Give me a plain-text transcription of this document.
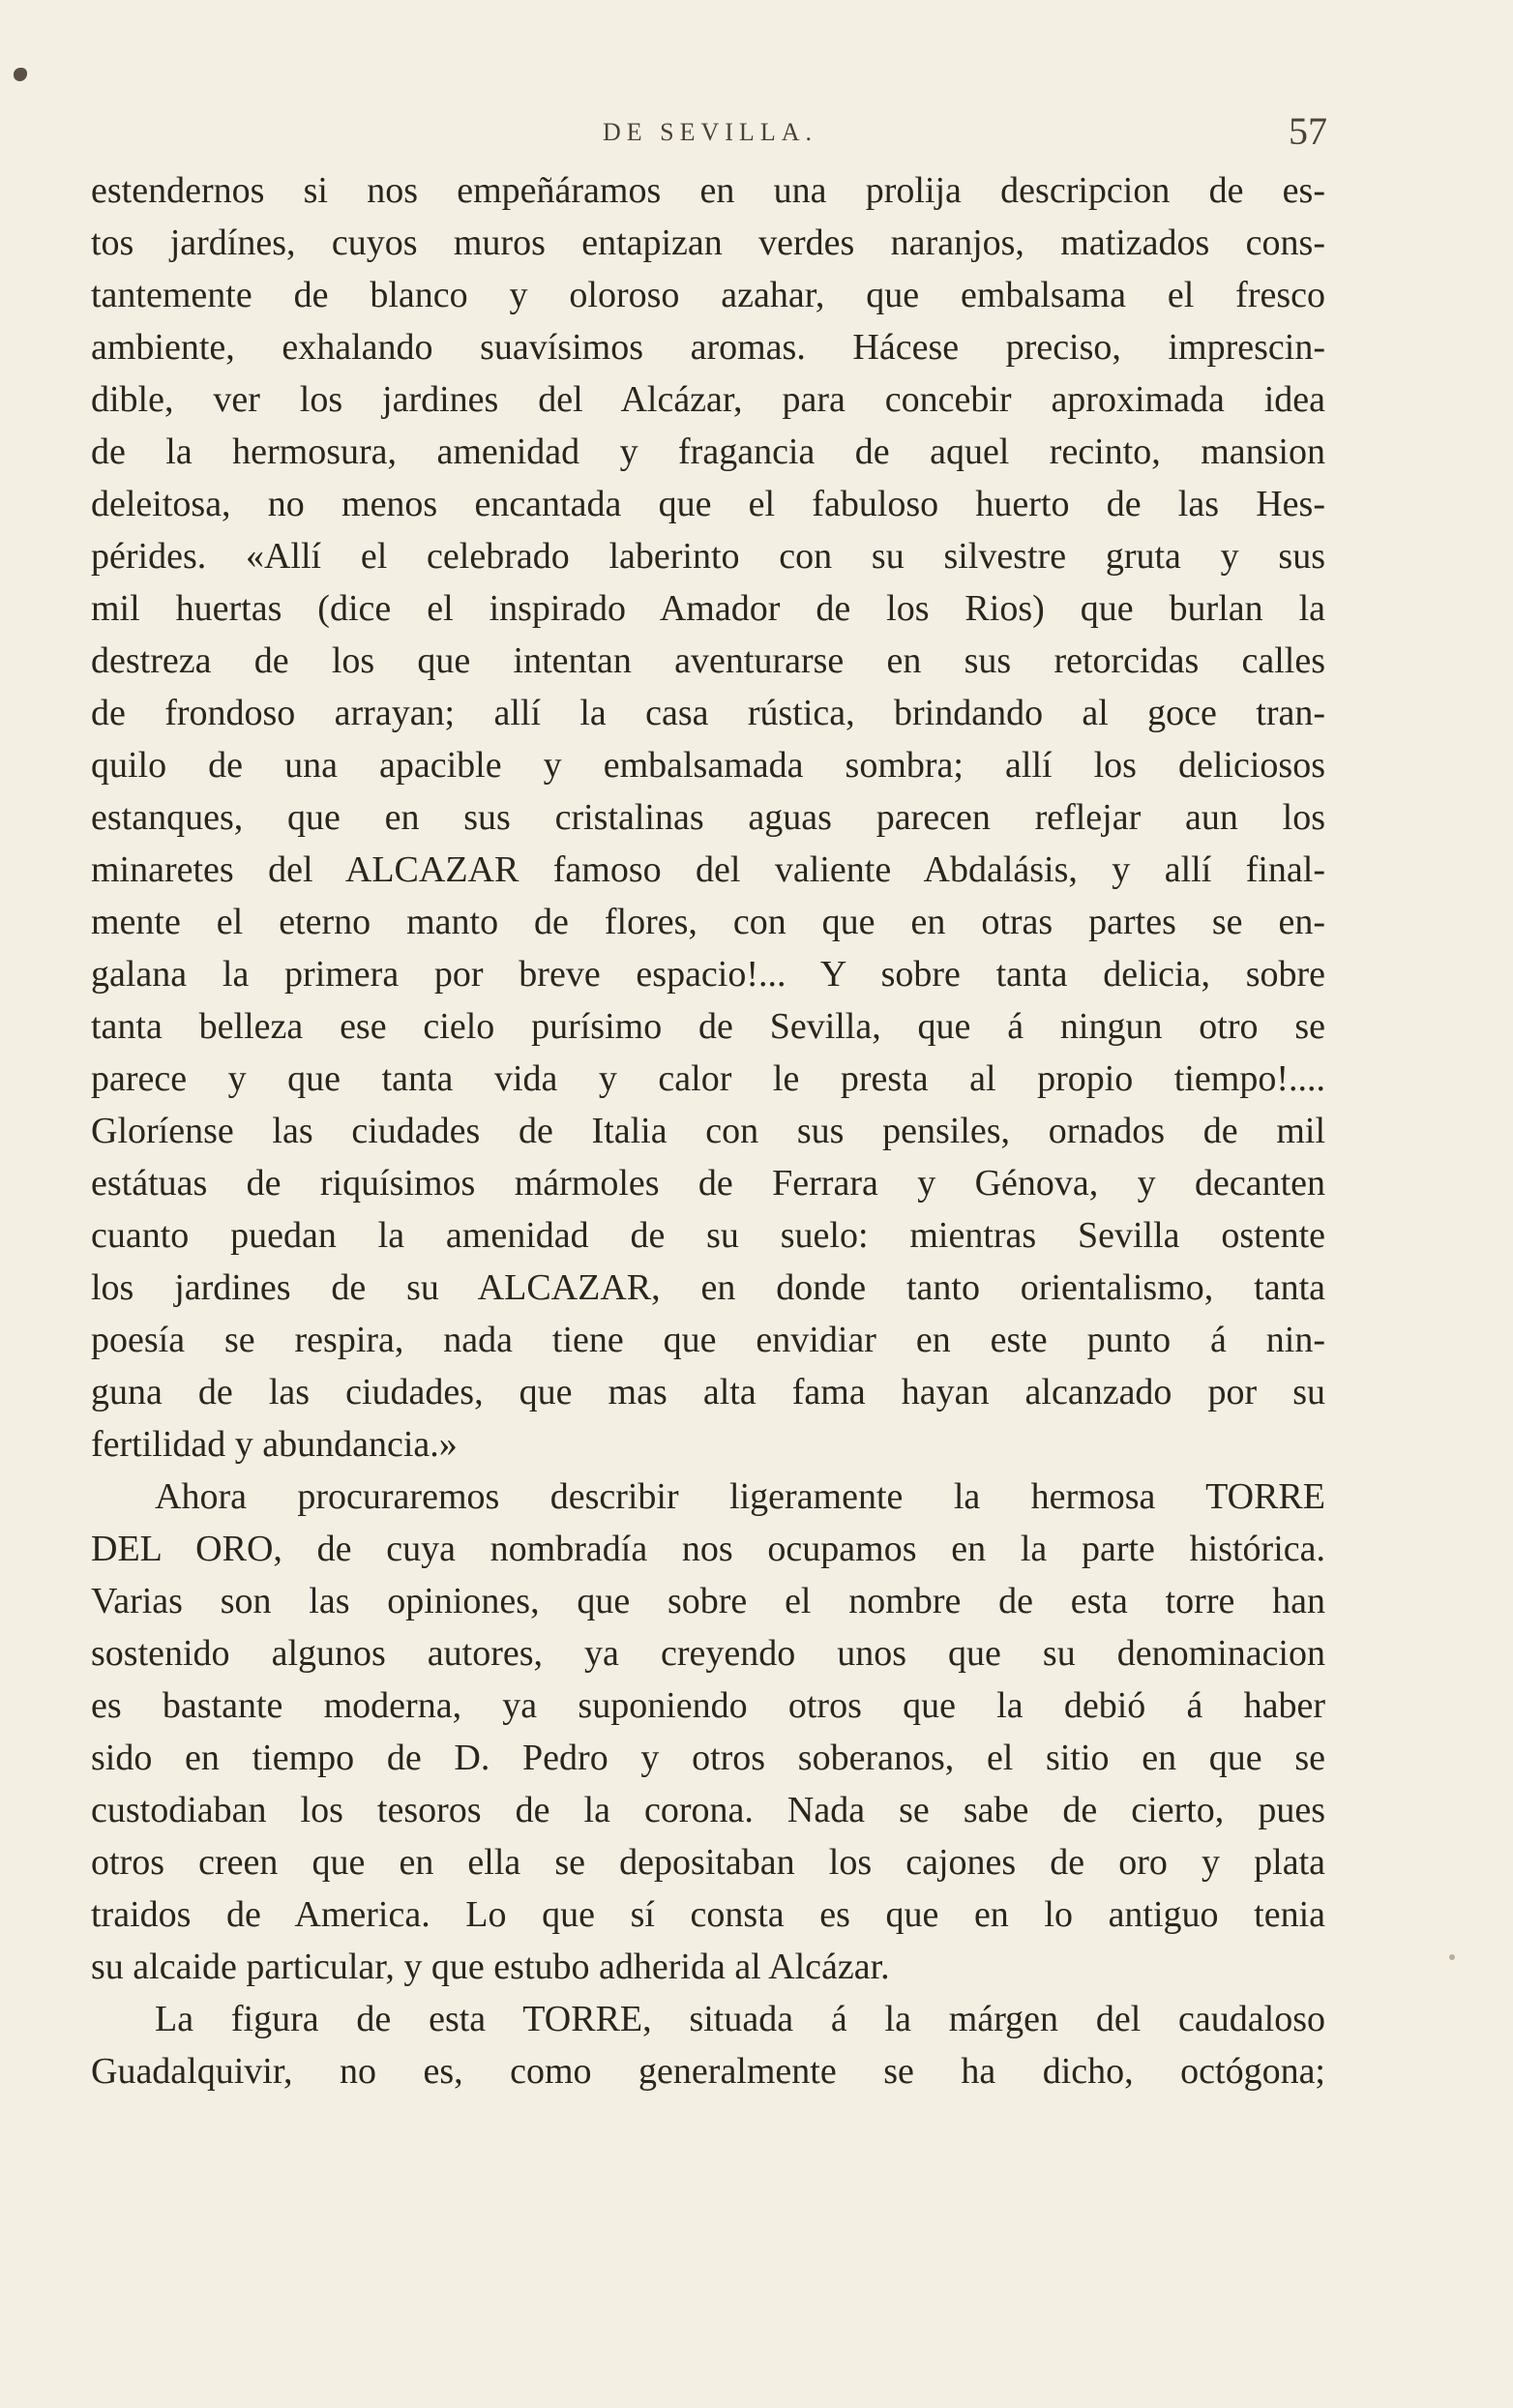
DE SEVILLA.	57
estendernos si nos empeñáramos en una prolija descripcion de es-
tos jardínes, cuyos muros entapizan verdes naranjos, matizados cons-
tantemente de blanco y oloroso azahar, que embalsama el fresco
ambiente, exhalando suavísimos aromas. Hácese preciso, imprescin-
dible, ver los jardines del Alcázar, para concebir aproximada idea
de la hermosura, amenidad y fragancia de aquel recinto, mansion
deleitosa, no menos encantada que el fabuloso huerto de las Hes-
pérides. «Allí el celebrado laberinto con su silvestre gruta y sus
mil huertas (dice el inspirado Amador de los Rios) que burlan la
destreza de los que intentan aventurarse en sus retorcidas calles
de frondoso arrayan; allí la casa rústica, brindando al goce tran-
quilo de una apacible y embalsamada sombra; allí los deliciosos
estanques, que en sus cristalinas aguas parecen reflejar aun los
minaretes del ALCAZAR famoso del valiente Abdalásis, y allí final-
mente el eterno manto de flores, con que en otras partes se en-
galana la primera por breve espacio!... Y sobre tanta delicia, sobre
tanta belleza ese cielo purísimo de Sevilla, que á ningun otro se
parece y que tanta vida y calor le presta al propio tiempo!....
Gloríense las ciudades de Italia con sus pensiles, ornados de mil
estátuas de riquísimos mármoles de Ferrara y Génova, y decanten
cuanto puedan la amenidad de su suelo: mientras Sevilla ostente
los jardines de su ALCAZAR, en donde tanto orientalismo, tanta
poesía se respira, nada tiene que envidiar en este punto á nin-
guna de las ciudades, que mas alta fama hayan alcanzado por su
fertilidad y abundancia.»
Ahora procuraremos describir ligeramente la hermosa TORRE
DEL ORO, de cuya nombradía nos ocupamos en la parte histórica.
Varias son las opiniones, que sobre el nombre de esta torre han
sostenido algunos autores, ya creyendo unos que su denominacion
es bastante moderna, ya suponiendo otros que la debió á haber
sido en tiempo de D. Pedro y otros soberanos, el sitio en que se
custodiaban los tesoros de la corona. Nada se sabe de cierto, pues
otros creen que en ella se depositaban los cajones de oro y plata
traidos de America. Lo que sí consta es que en lo antiguo tenia
su alcaide particular, y que estubo adherida al Alcázar.
La figura de esta TORRE, situada á la márgen del caudaloso
Guadalquivir, no es, como generalmente se ha dicho, octógona;
